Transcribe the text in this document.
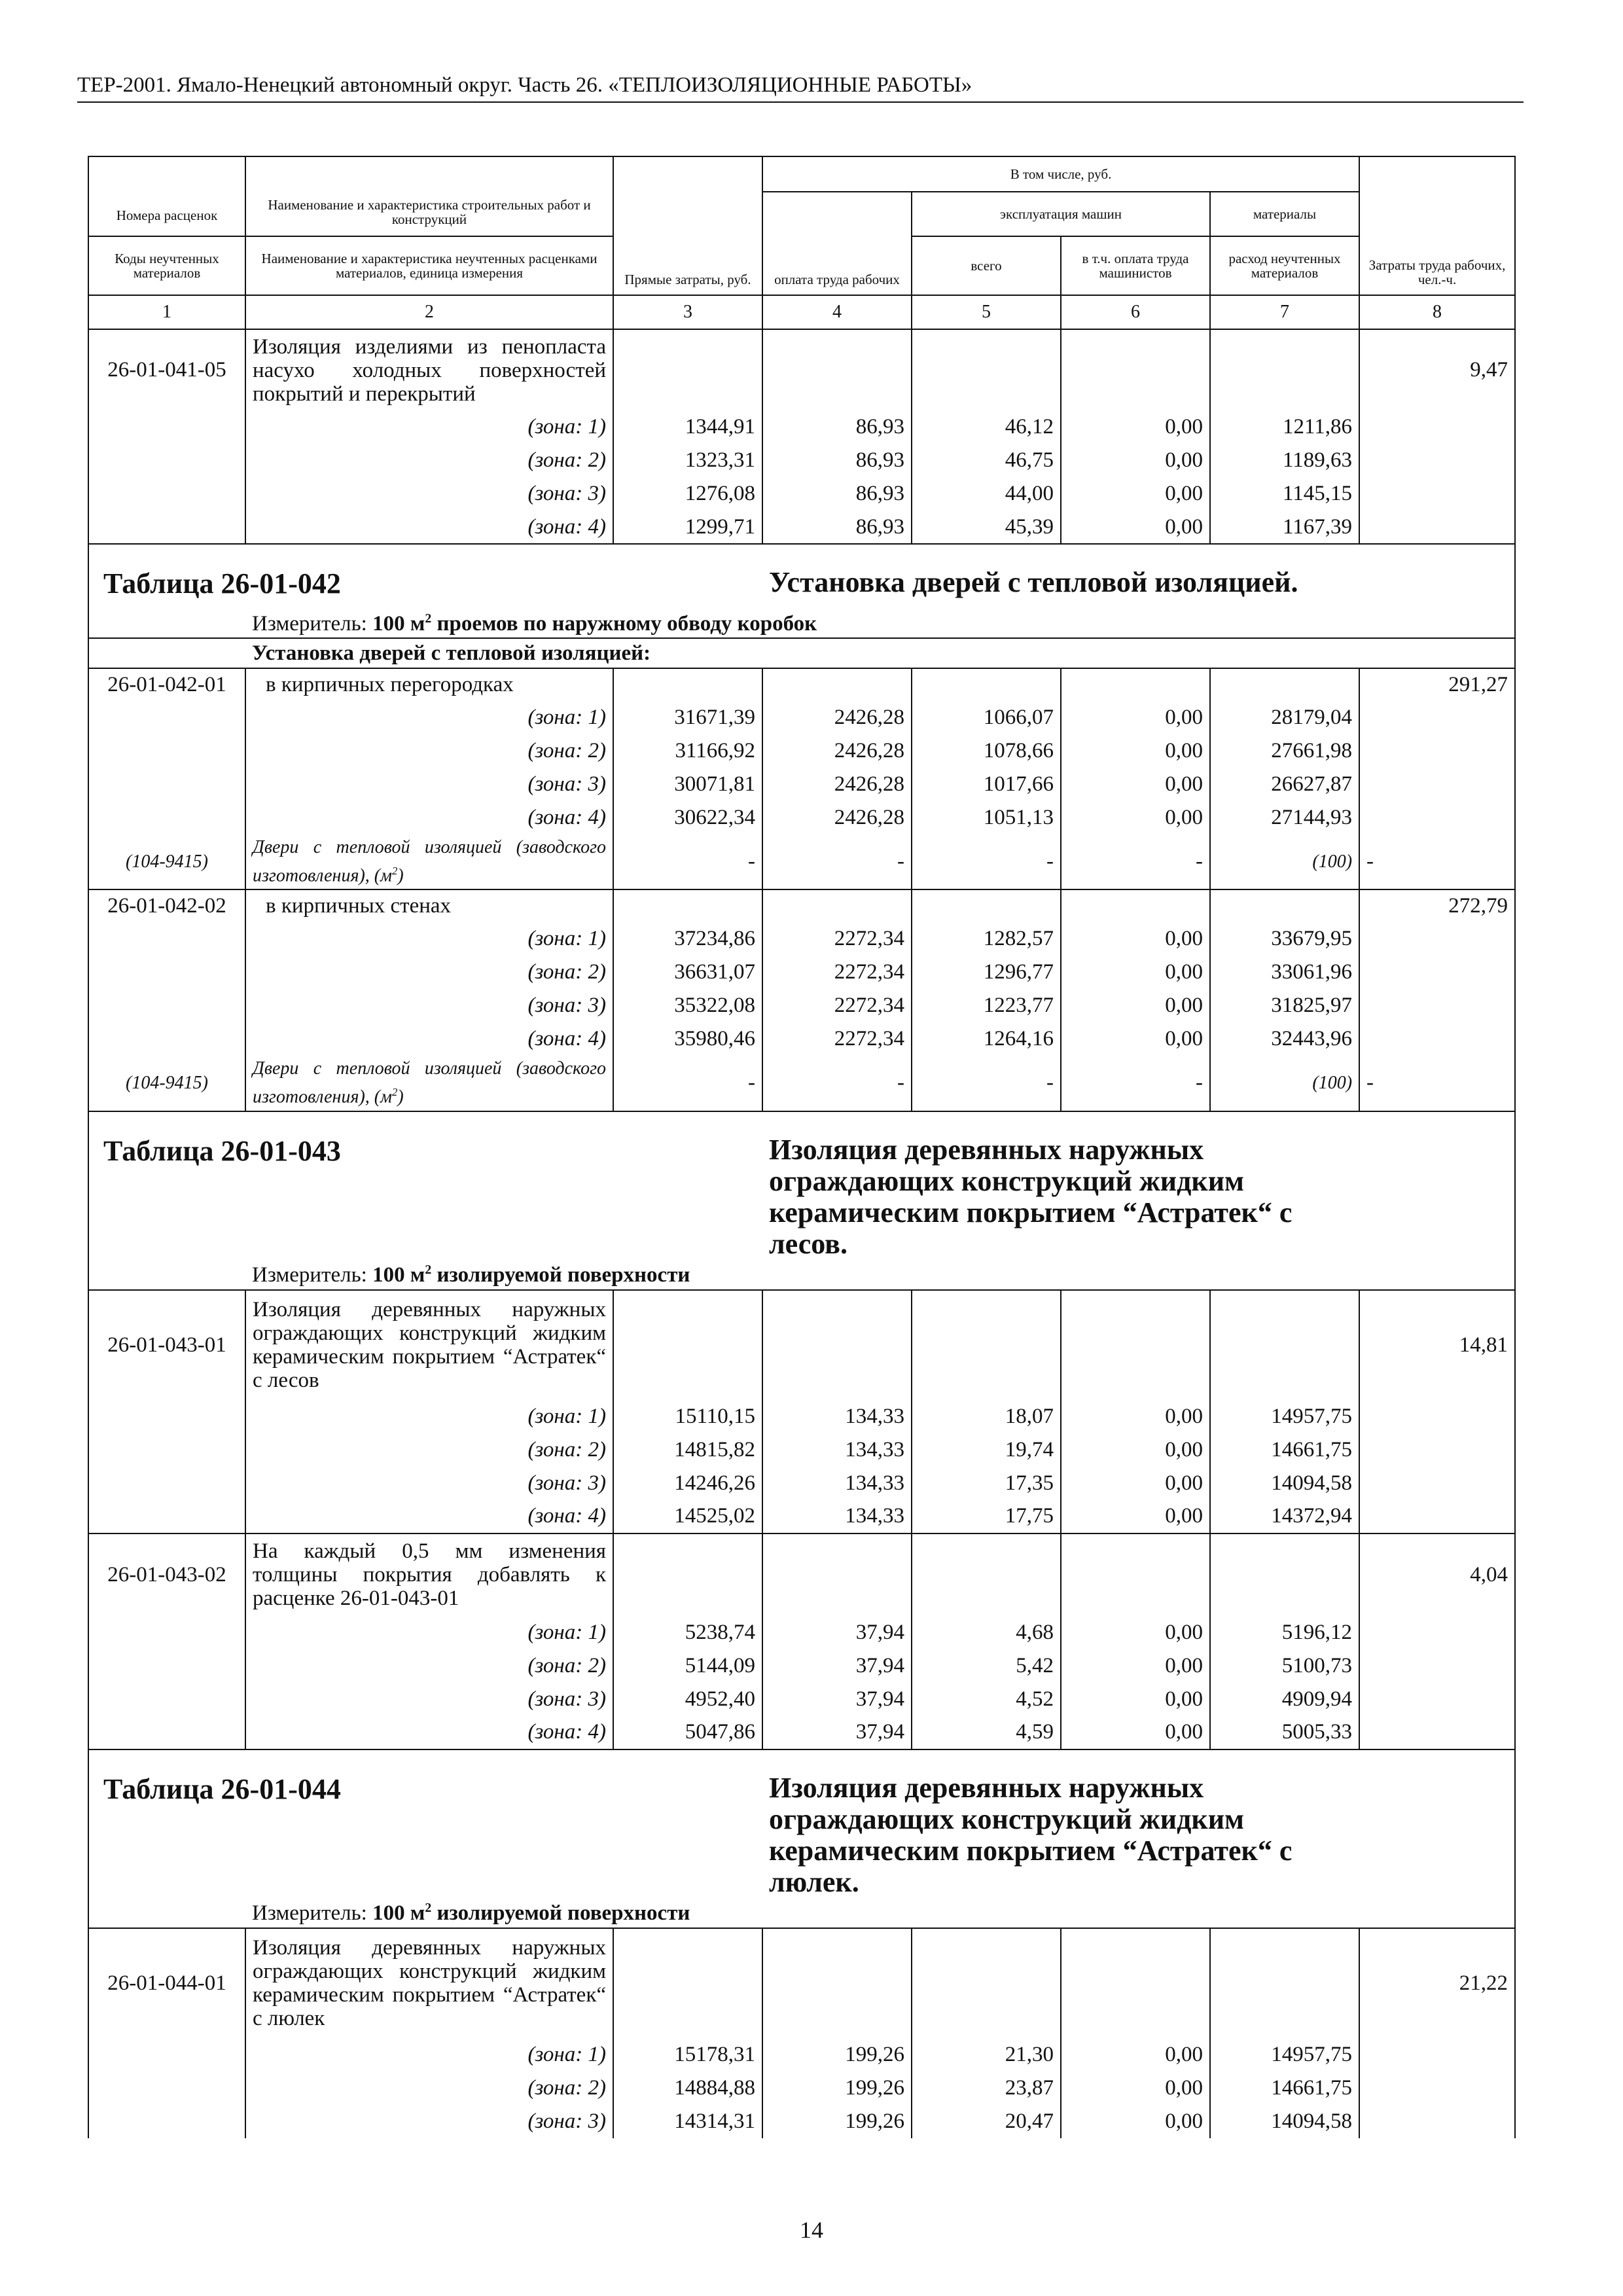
ТЕР-2001. Ямало-Ненецкий автономный округ. Часть 26. «ТЕПЛОИЗОЛЯЦИОННЫЕ РАБОТЫ»
Номера расценок	Наименование и характеристика строительных работ и конструкций	Прямые затраты, руб.	В том числе, руб.				Затраты труда рабочих, чел.-ч.
			оплата труда рабочих	эксплуатация машин		материалы	
Коды неучтенных материалов	Наименование и характеристика неучтенных расценками материалов, единица измерения			всего	в т.ч. оплата труда машинистов	расход неучтенных материалов	
1	2	3	4	5	6	7	8
26-01-041-05	Изоляция изделиями из пенопласта насухо холодных поверхностей покрытий и перекрытий						9,47
	(зона: 1)	1344,91	86,93	46,12	0,00	1211,86	
	(зона: 2)	1323,31	86,93	46,75	0,00	1189,63	
	(зона: 3)	1276,08	86,93	44,00	0,00	1145,15	
	(зона: 4)	1299,71	86,93	45,39	0,00	1167,39	
Таблица 26-01-042			Установка дверей с тепловой изоляцией.				
	Измеритель: 100 $м^2$ проемов по наружному обводу коробок						
	Установка дверей с тепловой изоляцией:						
26-01-042-01	в кирпичных перегородках						291,27
	(зона: 1)	31671,39	2426,28	1066,07	0,00	28179,04	
	(зона: 2)	31166,92	2426,28	1078,66	0,00	27661,98	
	(зона: 3)	30071,81	2426,28	1017,66	0,00	26627,87	
	(зона: 4)	30622,34	2426,28	1051,13	0,00	27144,93	
(104-9415)	Двери с тепловой изоляцией (заводского изготовления), $(м^2)$	-	-	-	-	(100)	-
26-01-042-02	в кирпичных стенах						272,79
	(зона: 1)	37234,86	2272,34	1282,57	0,00	33679,95	
	(зона: 2)	36631,07	2272,34	1296,77	0,00	33061,96	
	(зона: 3)	35322,08	2272,34	1223,77	0,00	31825,97	
	(зона: 4)	35980,46	2272,34	1264,16	0,00	32443,96	
(104-9415)	Двери с тепловой изоляцией (заводского изготовления), $(м^2)$	-	-	-	-	(100)	-
Таблица 26-01-043			Изоляция деревянных наружных ограждающих конструкций жидким керамическим покрытием “Астратек“ с лесов.				
	Измеритель: 100 $м^2$ изолируемой поверхности						
26-01-043-01	Изоляция деревянных наружных ограждающих конструкций жидким керамическим покрытием “Астратек“ с лесов						14,81
	(зона: 1)	15110,15	134,33	18,07	0,00	14957,75	
	(зона: 2)	14815,82	134,33	19,74	0,00	14661,75	
	(зона: 3)	14246,26	134,33	17,35	0,00	14094,58	
	(зона: 4)	14525,02	134,33	17,75	0,00	14372,94	
26-01-043-02	На каждый 0,5 мм изменения толщины покрытия добавлять к расценке 26-01-043-01						4,04
	(зона: 1)	5238,74	37,94	4,68	0,00	5196,12	
	(зона: 2)	5144,09	37,94	5,42	0,00	5100,73	
	(зона: 3)	4952,40	37,94	4,52	0,00	4909,94	
	(зона: 4)	5047,86	37,94	4,59	0,00	5005,33	
Таблица 26-01-044			Изоляция деревянных наружных ограждающих конструкций жидким керамическим покрытием “Астратек“ с люлек.				
	Измеритель: 100 $м^2$ изолируемой поверхности						
26-01-044-01	Изоляция деревянных наружных ограждающих конструкций жидким керамическим покрытием “Астратек“ с люлек						21,22
	(зона: 1)	15178,31	199,26	21,30	0,00	14957,75	
	(зона: 2)	14884,88	199,26	23,87	0,00	14661,75	
	(зона: 3)	14314,31	199,26	20,47	0,00	14094,58	
14
